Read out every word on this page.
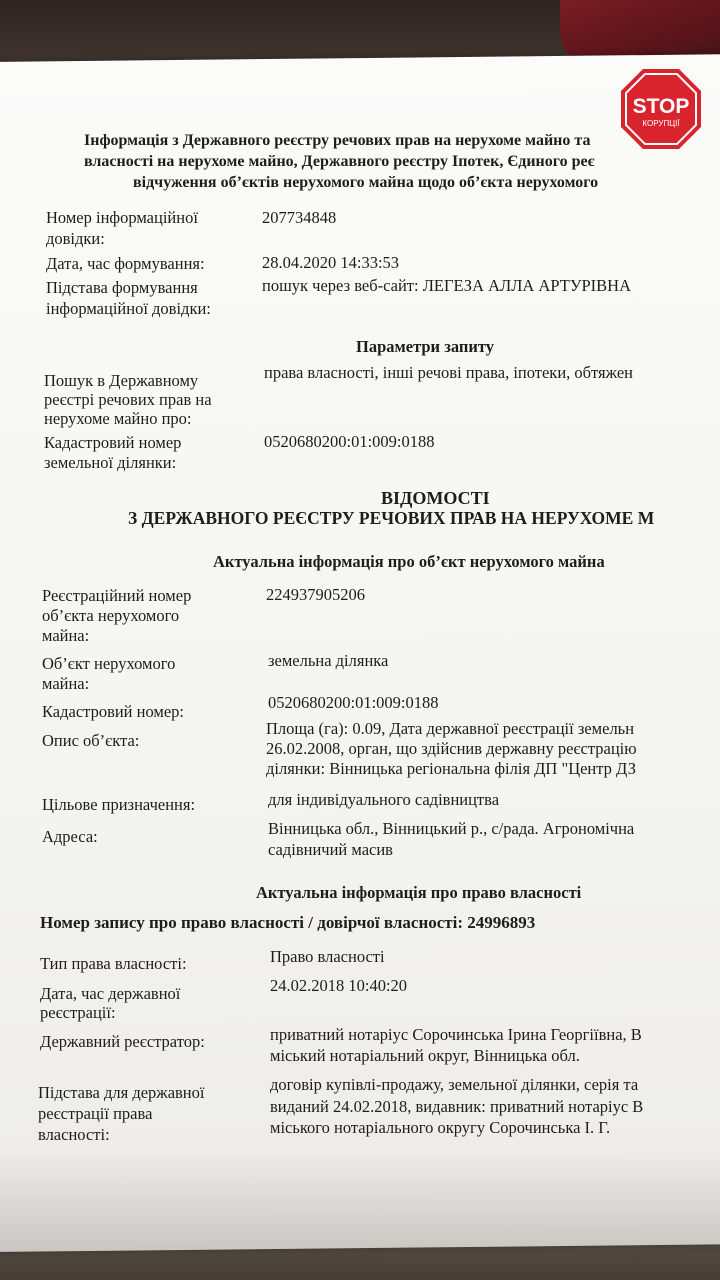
STOP
КОРУПЦІЇ
Інформація з Державного реєстру речових прав на нерухоме майно та
власності на нерухоме майно, Державного реєстру Іпотек, Єдиного реє
відчуження об’єктів нерухомого майна щодо об’єкта нерухомого
Номер інформаційної
довідки:
207734848
Дата, час формування:	28.04.2020 14:33:53
Підстава формування
інформаційної довідки:
пошук через веб-сайт: ЛЕГЕЗА АЛЛА АРТУРІВНА
Параметри запиту
Пошук в Державному
реєстрі речових прав на
нерухоме майно про:
права власності, інші речові права, іпотеки, обтяжен
Кадастровий номер
земельної ділянки:
0520680200:01:009:0188
ВІДОМОСТІ
З ДЕРЖАВНОГО РЕЄСТРУ РЕЧОВИХ ПРАВ НА НЕРУХОМЕ М
Актуальна інформація про об’єкт нерухомого майна
Реєстраційний номер
об’єкта нерухомого
майна:
224937905206
Об’єкт нерухомого
майна:
земельна ділянка
Кадастровий номер:	0520680200:01:009:0188
Опис об’єкта:
Площа (га): 0.09, Дата державної реєстрації земельн
26.02.2008, орган, що здійснив державну реєстрацію
ділянки: Вінницька регіональна філія ДП "Центр ДЗ
Цільове призначення:	для індивідуального садівництва
Адреса:	Вінницька обл., Вінницький р., с/рада. Агрономічна
садівничий масив
Актуальна інформація про право власності
Номер запису про право власності / довірчої власності: 24996893
Тип права власності:	Право власності
Дата, час державної
реєстрації:
24.02.2018 10:40:20
Державний реєстратор:	приватний нотаріус Сорочинська Ірина Георгіївна, В
міський нотаріальний округ, Вінницька обл.
Підстава для державної
реєстрації права
власності:
договір купівлі-продажу, земельної ділянки, серія та
виданий 24.02.2018, видавник: приватний нотаріус В
міського нотаріального округу Сорочинська І. Г.
